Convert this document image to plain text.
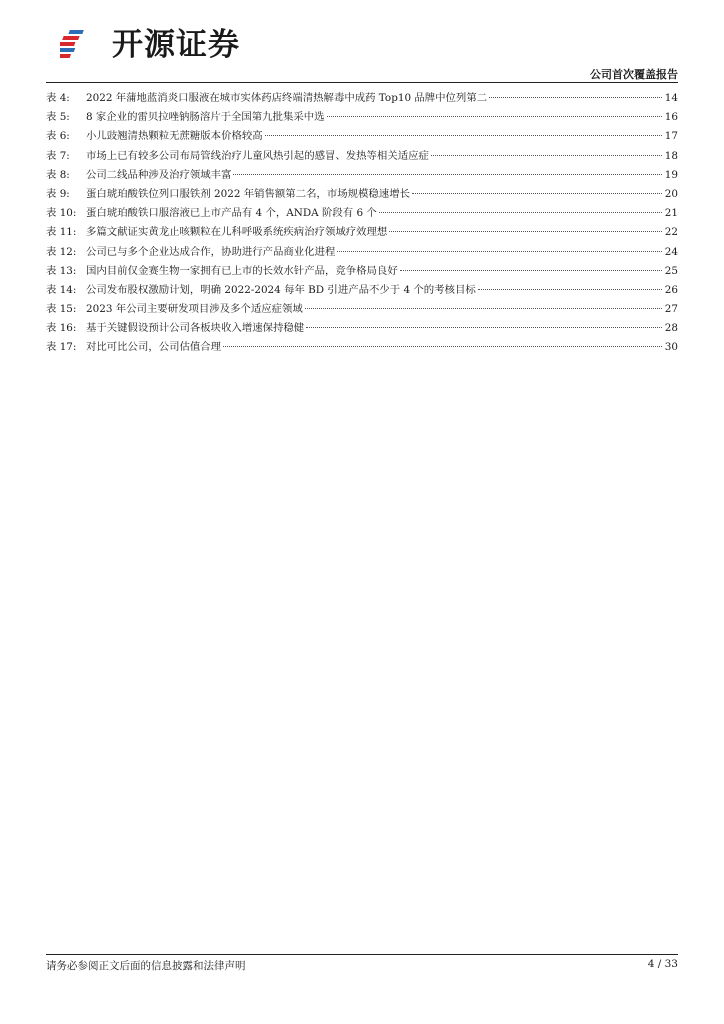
开源证券
公司首次覆盖报告
表 4:	2022 年蒲地蓝消炎口服液在城市实体药店终端清热解毒中成药 Top10 品牌中位列第二	14
表 5:	8 家企业的雷贝拉唑钠肠溶片于全国第九批集采中选	16
表 6:	小儿豉翘清热颗粒无蔗糖版本价格较高	17
表 7:	市场上已有较多公司布局管线治疗儿童风热引起的感冒、发热等相关适应症	18
表 8:	公司二线品种涉及治疗领域丰富	19
表 9:	蛋白琥珀酸铁位列口服铁剂 2022 年销售额第二名，市场规模稳速增长	20
表 10: 蛋白琥珀酸铁口服溶液已上市产品有 4 个，ANDA 阶段有 6 个	21
表 11: 多篇文献证实黄龙止咳颗粒在儿科呼吸系统疾病治疗领域疗效理想	22
表 12: 公司已与多个企业达成合作，协助进行产品商业化进程	24
表 13: 国内目前仅金赛生物一家拥有已上市的长效水针产品，竞争格局良好	25
表 14: 公司发布股权激励计划，明确 2022-2024 每年 BD 引进产品不少于 4 个的考核目标	26
表 15: 2023 年公司主要研发项目涉及多个适应症领域	27
表 16: 基于关键假设预计公司各板块收入增速保持稳健	28
表 17: 对比可比公司，公司估值合理	30
请务必参阅正文后面的信息披露和法律声明	4 / 33
